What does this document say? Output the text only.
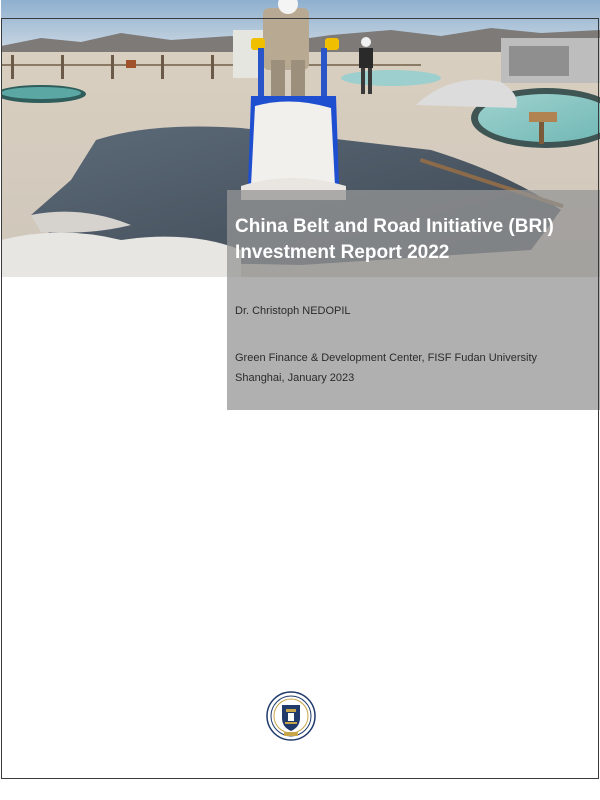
China Belt and Road Initiative (BRI)
Investment Report 2022
Dr. Christoph NEDOPIL
Green Finance & Development Center, FISF Fudan University
Shanghai, January 2023
